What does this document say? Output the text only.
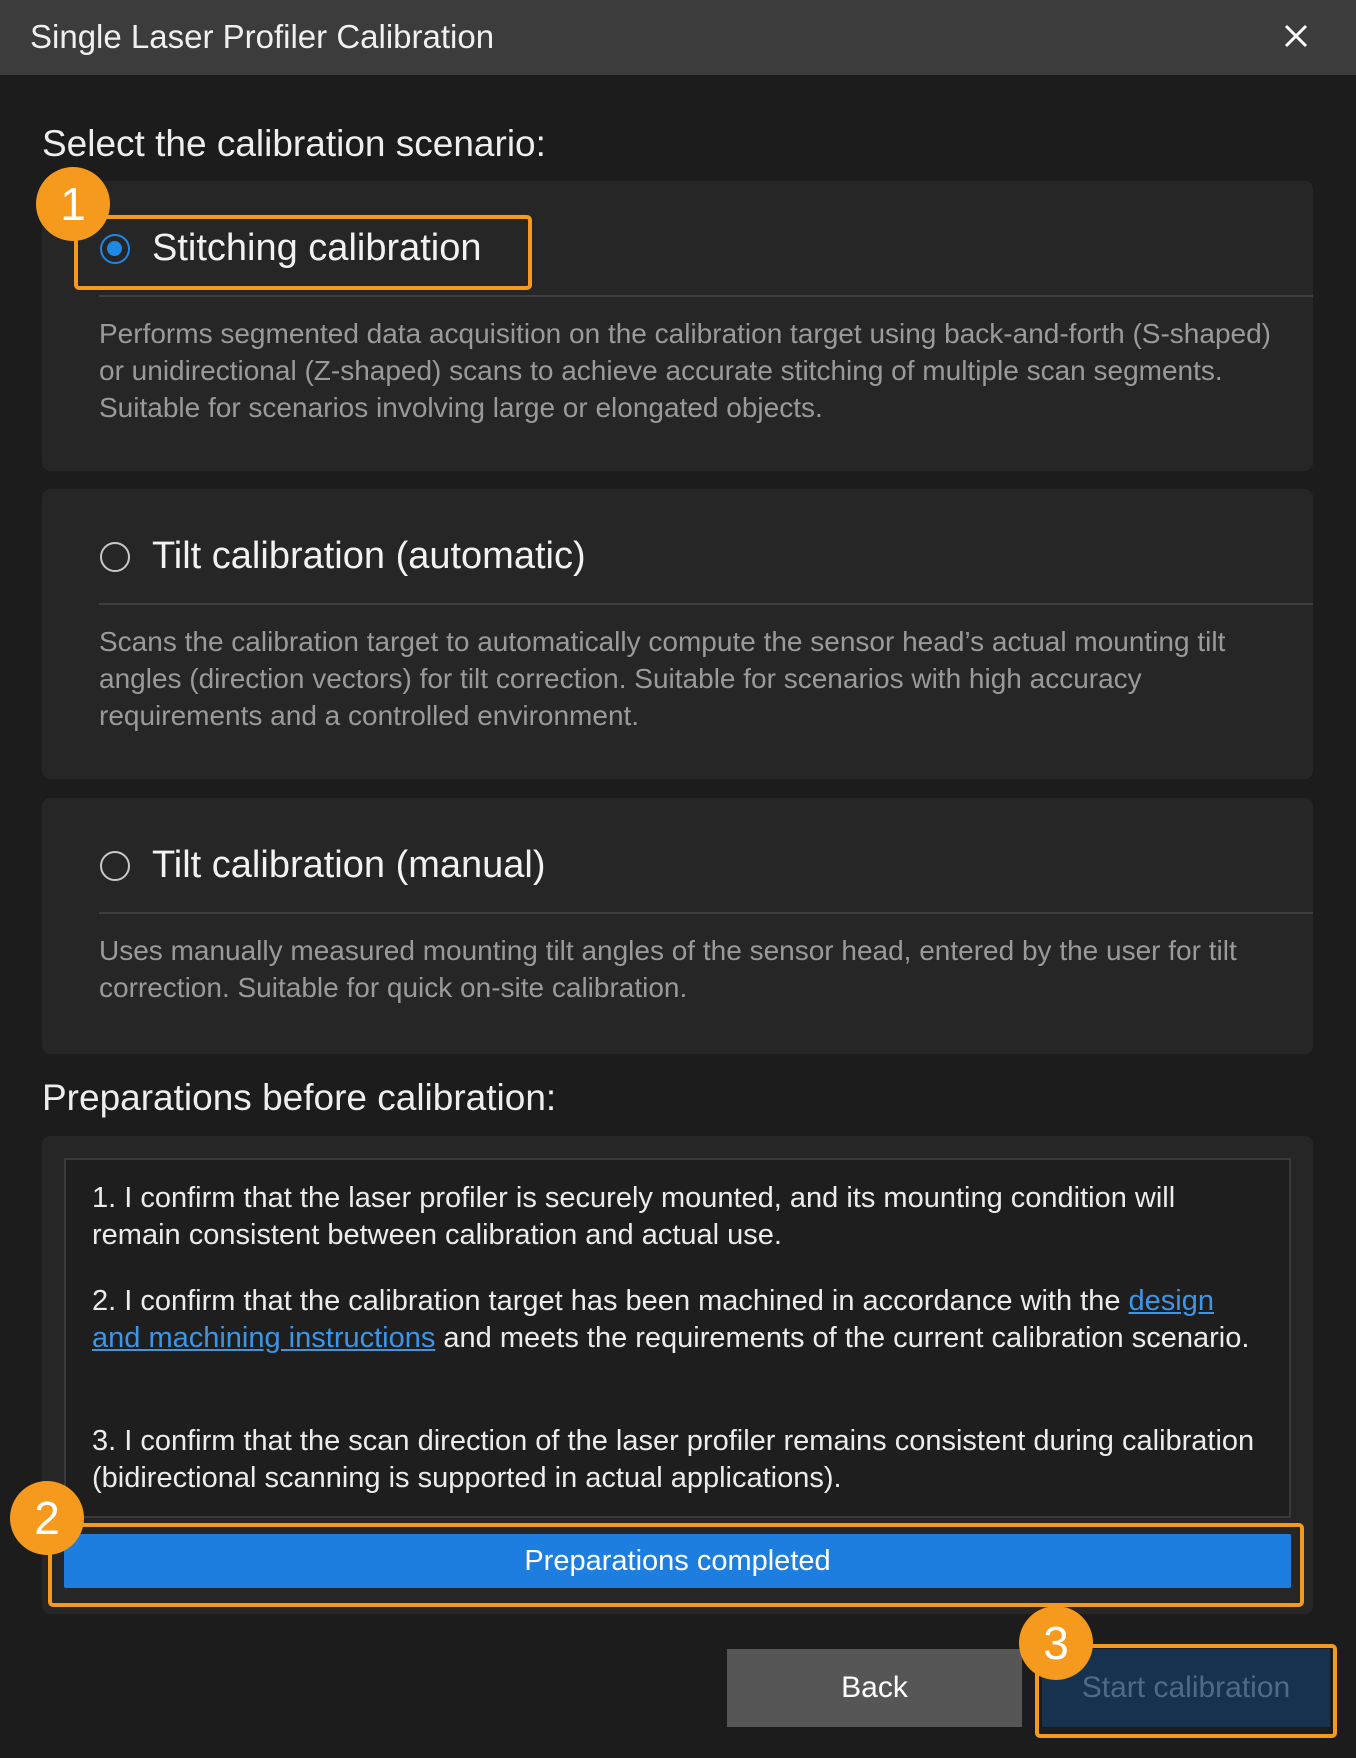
Single Laser Profiler Calibration
Select the calibration scenario:
Stitching calibration
Performs segmented data acquisition on the calibration target using back-and-forth (S-shaped) or unidirectional (Z-shaped) scans to achieve accurate stitching of multiple scan segments. Suitable for scenarios involving large or elongated objects.
Tilt calibration (automatic)
Scans the calibration target to automatically compute the sensor head’s actual mounting tilt angles (direction vectors) for tilt correction. Suitable for scenarios with high accuracy requirements and a controlled environment.
Tilt calibration (manual)
Uses manually measured mounting tilt angles of the sensor head, entered by the user for tilt correction. Suitable for quick on-site calibration.
Preparations before calibration:
1. I confirm that the laser profiler is securely mounted, and its mounting condition will remain consistent between calibration and actual use.
2. I confirm that the calibration target has been machined in accordance with the design and machining instructions and meets the requirements of the current calibration scenario.
3. I confirm that the scan direction of the laser profiler remains consistent during calibration (bidirectional scanning is supported in actual applications).
Preparations completed
Back	Start calibration
1
2
3
